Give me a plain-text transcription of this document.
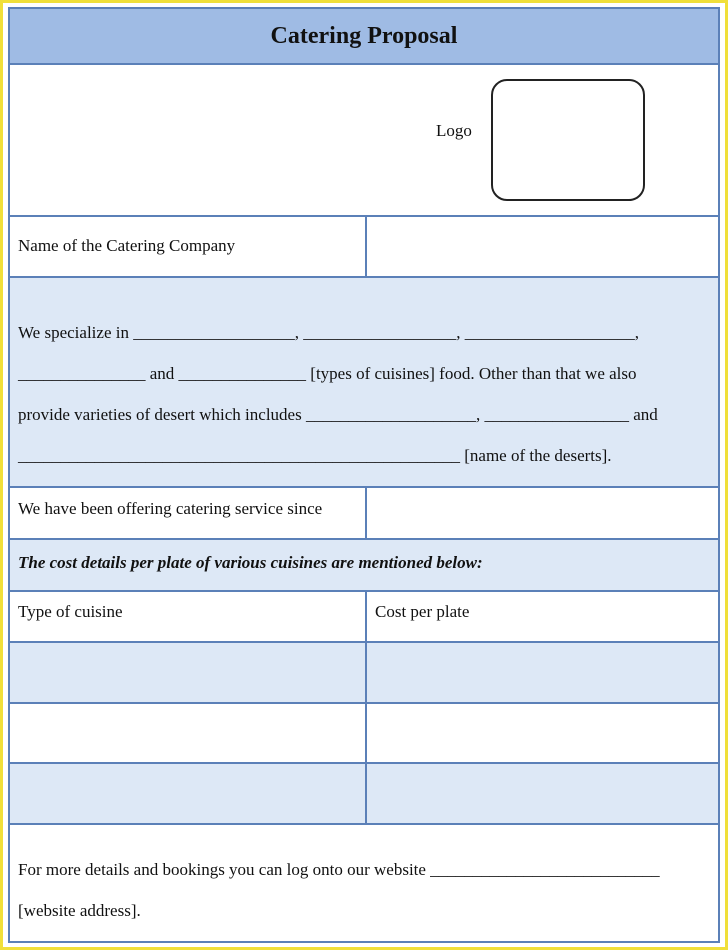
Catering Proposal
Logo
Name of the Catering Company
We specialize in ___________________, __________________, ____________________,
_______________ and _______________ [types of cuisines] food. Other than that we also
provide varieties of desert which includes ____________________, _________________ and
____________________________________________________ [name of the deserts].
We have been offering catering service since
The cost details per plate of various cuisines are mentioned below:
Type of cuisine	Cost per plate
For more details and bookings you can log onto our website ___________________________
[website address].
